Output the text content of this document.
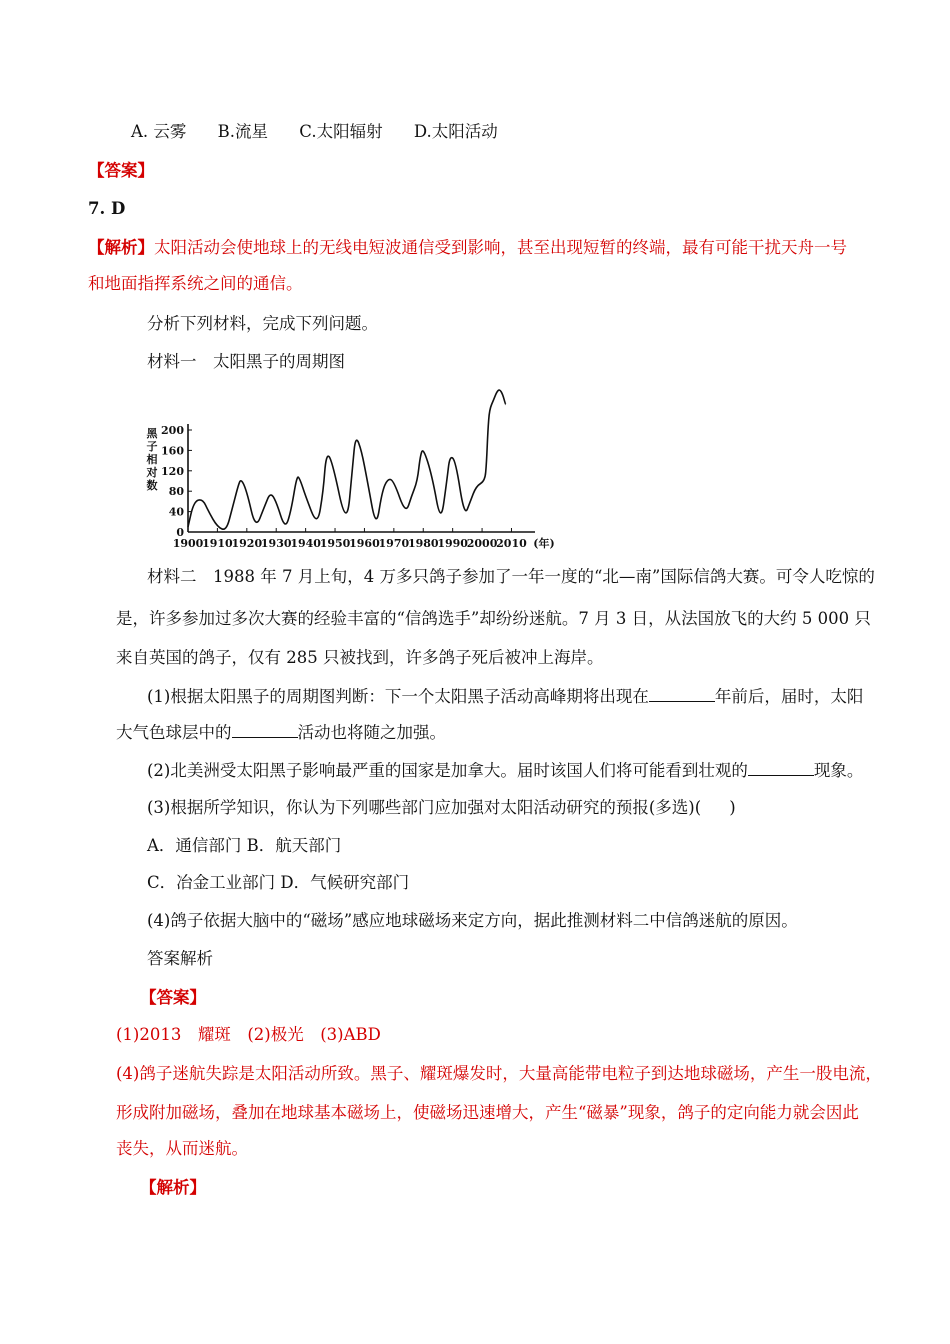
A. 云雾 B.流星 C.太阳辐射 D.太阳活动
【答案】
7. D
【解析】太阳活动会使地球上的无线电短波通信受到影响，甚至出现短暂的终端，最有可能干扰天舟一号
和地面指挥系统之间的通信。
分析下列材料，完成下列问题。
材料一　太阳黑子的周期图
黑
子
相
对
数
0
40
80
120
160
200
1900
1910
1920
1930
1940
1950
1960
1970
1980
1990
2000
2010 (年)
材料二　1988 年 7 月上旬，4 万多只鸽子参加了一年一度的“北—南”国际信鸽大赛。可令人吃惊的
是，许多参加过多次大赛的经验丰富的“信鸽选手”却纷纷迷航。7 月 3 日，从法国放飞的大约 5 000 只
来自英国的鸽子，仅有 285 只被找到，许多鸽子死后被冲上海岸。
(1)根据太阳黑子的周期图判断：下一个太阳黑子活动高峰期将出现在	年前后，届时，太阳
大气色球层中的	活动也将随之加强。
(2)北美洲受太阳黑子影响最严重的国家是加拿大。届时该国人们将可能看到壮观的	现象。
(3)根据所学知识，你认为下列哪些部门应加强对太阳活动研究的预报(多选)( )
A．通信部门 B．航天部门
C．冶金工业部门 D．气候研究部门
(4)鸽子依据大脑中的“磁场”感应地球磁场来定方向，据此推测材料二中信鸽迷航的原因。
答案解析
【答案】
(1)2013　耀斑　(2)极光　(3)ABD
(4)鸽子迷航失踪是太阳活动所致。黑子、耀斑爆发时，大量高能带电粒子到达地球磁场，产生一股电流，
形成附加磁场，叠加在地球基本磁场上，使磁场迅速增大，产生“磁暴”现象，鸽子的定向能力就会因此
丧失，从而迷航。
【解析】
